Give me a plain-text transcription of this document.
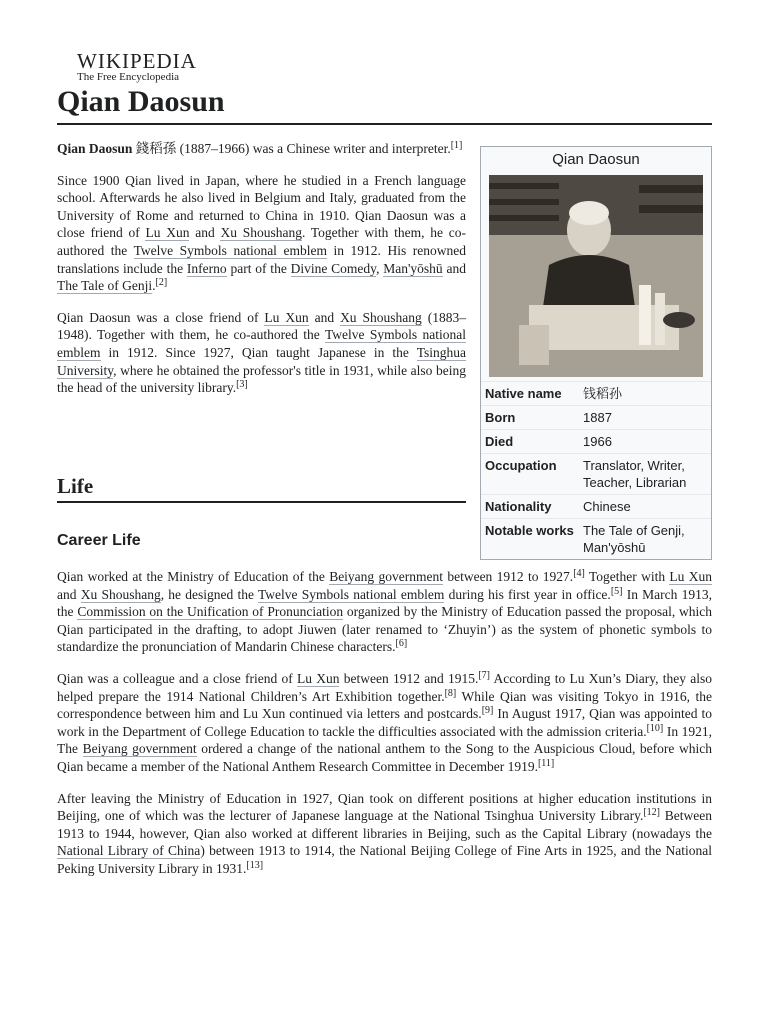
WIKIPEDIA
The Free Encyclopedia
Qian Daosun

Qian Daosun 錢稻孫 (1887–1966) was a Chinese writer and interpreter.[1]

Since 1900 Qian lived in Japan, where he studied in a French language school. Afterwards he also lived in Belgium and Italy, graduated from the University of Rome and returned to China in 1910. Qian Daosun was a close friend of Lu Xun and Xu Shoushang. Together with them, he co-authored the Twelve Symbols national emblem in 1912. His renowned translations include the Inferno part of the Divine Comedy, Man'yōshū and The Tale of Genji.[2]

Qian Daosun was a close friend of Lu Xun and Xu Shoushang (1883–1948). Together with them, he co-authored the Twelve Symbols national emblem in 1912. Since 1927, Qian taught Japanese in the Tsinghua University, where he obtained the professor's title in 1931, while also being the head of the university library.[3]

Qian Daosun
Native name	钱稻孙
Born	1887
Died	1966
Occupation	Translator, Writer, Teacher, Librarian
Nationality	Chinese
Notable works	The Tale of Genji, Man'yōshū
Life
Career Life

Qian worked at the Ministry of Education of the Beiyang government between 1912 to 1927.[4] Together with Lu Xun and Xu Shoushang, he designed the Twelve Symbols national emblem during his first year in office.[5] In March 1913, the Commission on the Unification of Pronunciation organized by the Ministry of Education passed the proposal, which Qian participated in the drafting, to adopt Jiuwen (later renamed to ‘Zhuyin’) as the system of phonetic symbols to standardize the pronunciation of Mandarin Chinese characters.[6]

Qian was a colleague and a close friend of Lu Xun between 1912 and 1915.[7] According to Lu Xun’s Diary, they also helped prepare the 1914 National Children’s Art Exhibition together.[8] While Qian was visiting Tokyo in 1916, the correspondence between him and Lu Xun continued via letters and postcards.[9] In August 1917, Qian was appointed to work in the Department of College Education to tackle the difficulties associated with the admission criteria.[10] In 1921, The Beiyang government ordered a change of the national anthem to the Song to the Auspicious Cloud, before which Qian became a member of the National Anthem Research Committee in December 1919.[11]

After leaving the Ministry of Education in 1927, Qian took on different positions at higher education institutions in Beijing, one of which was the lecturer of Japanese language at the National Tsinghua University Library.[12] Between 1913 to 1944, however, Qian also worked at different libraries in Beijing, such as the Capital Library (nowadays the National Library of China) between 1913 to 1914, the National Beijing College of Fine Arts in 1925, and the National Peking University Library in 1931.[13]
